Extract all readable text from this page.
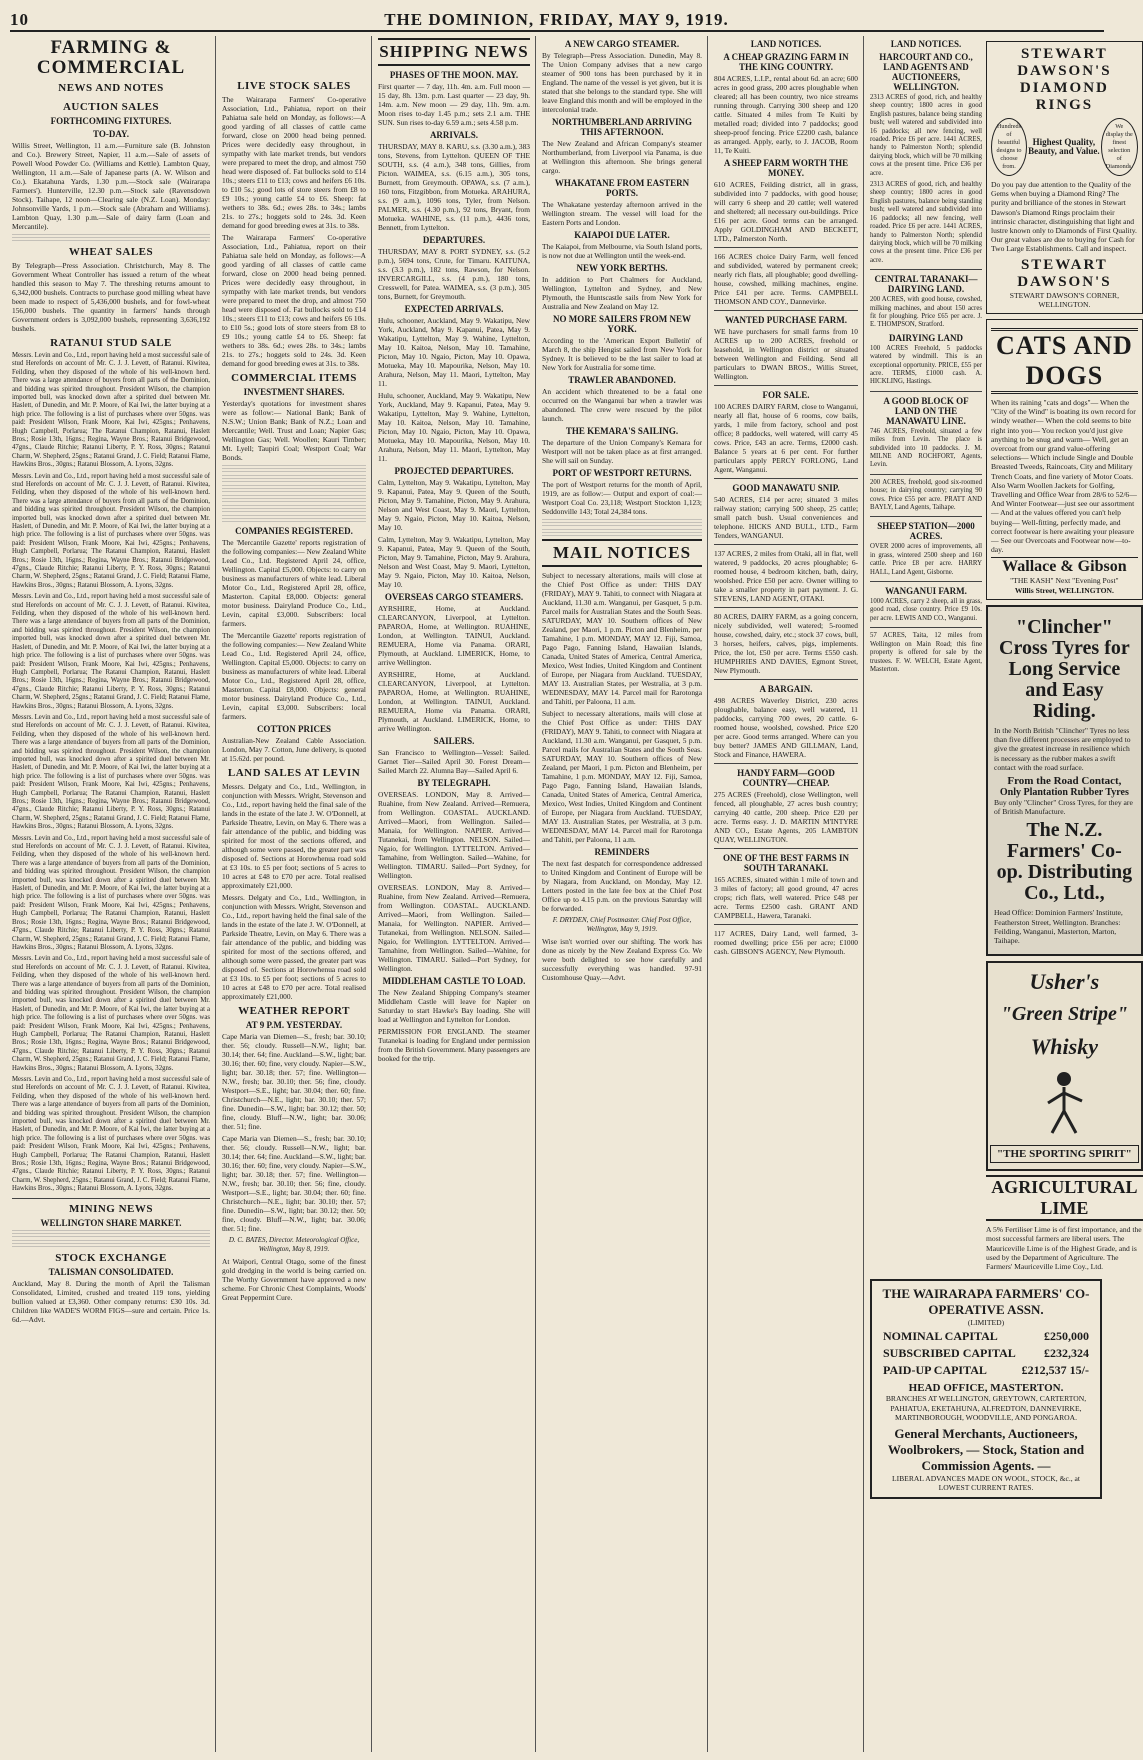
10	THE DOMINION, FRIDAY, MAY 9, 1919.
FARMING & COMMERCIAL
NEWS AND NOTES
AUCTION SALES
FORTHCOMING FIXTURES.
TO-DAY.

Willis Street, Wellington, 11 a.m.—Furniture sale (B. Johnston and Co.). Brewery Street, Napier, 11 a.m.—Sale of assets of Powell Wood Powder Co. (Williams and Kettle). Lambton Quay, Wellington, 11 a.m.—Sale of Japanese parts (A. W. Wilson and Co.). Ekatahuna Yards, 1.30 p.m.—Stock sale (Wairarapa Farmers'). Hunterville, 12.30 p.m.—Stock sale (Ravensdown Stock). Taihape, 12 noon—Clearing sale (N.Z. Loan). Monday: Johnsonville Yards, 1 p.m.—Stock sale (Abraham and Williams). Lambton Quay, 1.30 p.m.—Sale of dairy farm (Loan and Mercantile).

WHEAT SALES

By Telegraph—Press Association. Christchurch, May 8. The Government Wheat Controller has issued a return of the wheat handled this season to May 7. The threshing returns amount to 6,342,000 bushels. Contracts to purchase good milling wheat have been made to respect of 5,436,000 bushels, and for fowl-wheat 156,000 bushels. The quantity in farmers' hands through Government orders is 3,092,000 bushels, representing 3,636,192 bushels.

RATANUI STUD SALE

Messrs. Levin and Co., Ltd., report having held a most successful sale of stud Herefords on account of Mr. C. J. J. Levett, of Ratanui. Kiwitea, Feilding, when they disposed of the whole of his well-known herd. There was a large attendance of buyers from all parts of the Dominion, and bidding was spirited throughout. President Wilson, the champion imported bull, was knocked down after a spirited duel between Mr. Haslett, of Dunedin, and Mr. P. Moore, of Kai Iwi, the latter buying at a high price. The following is a list of purchases where over 50gns. was paid: President Wilson, Frank Moore, Kai Iwi, 425gns.; Penhavens, Hugh Campbell, Porlarua; The Ratanui Champion, Ratanui, Haslett Bros.; Rosie 13th, 16gns.; Regina, Wayne Bros.; Ratanui Bridgewood, 47gns., Claude Ritchie; Ratanui Liberty, P. Y. Ross, 30gns.; Ratanui Charm, W. Shepherd, 25gns.; Ratanui Grand, J. C. Field; Ratanui Flame, Hawkins Bros., 30gns.; Ratanui Blossom, A. Lyons, 32gns.

Messrs. Levin and Co., Ltd., report having held a most successful sale of stud Herefords on account of Mr. C. J. J. Levett, of Ratanui. Kiwitea, Feilding, when they disposed of the whole of his well-known herd. There was a large attendance of buyers from all parts of the Dominion, and bidding was spirited throughout. President Wilson, the champion imported bull, was knocked down after a spirited duel between Mr. Haslett, of Dunedin, and Mr. P. Moore, of Kai Iwi, the latter buying at a high price. The following is a list of purchases where over 50gns. was paid: President Wilson, Frank Moore, Kai Iwi, 425gns.; Penhavens, Hugh Campbell, Porlarua; The Ratanui Champion, Ratanui, Haslett Bros.; Rosie 13th, 16gns.; Regina, Wayne Bros.; Ratanui Bridgewood, 47gns., Claude Ritchie; Ratanui Liberty, P. Y. Ross, 30gns.; Ratanui Charm, W. Shepherd, 25gns.; Ratanui Grand, J. C. Field; Ratanui Flame, Hawkins Bros., 30gns.; Ratanui Blossom, A. Lyons, 32gns.

Messrs. Levin and Co., Ltd., report having held a most successful sale of stud Herefords on account of Mr. C. J. J. Levett, of Ratanui. Kiwitea, Feilding, when they disposed of the whole of his well-known herd. There was a large attendance of buyers from all parts of the Dominion, and bidding was spirited throughout. President Wilson, the champion imported bull, was knocked down after a spirited duel between Mr. Haslett, of Dunedin, and Mr. P. Moore, of Kai Iwi, the latter buying at a high price. The following is a list of purchases where over 50gns. was paid: President Wilson, Frank Moore, Kai Iwi, 425gns.; Penhavens, Hugh Campbell, Porlarua; The Ratanui Champion, Ratanui, Haslett Bros.; Rosie 13th, 16gns.; Regina, Wayne Bros.; Ratanui Bridgewood, 47gns., Claude Ritchie; Ratanui Liberty, P. Y. Ross, 30gns.; Ratanui Charm, W. Shepherd, 25gns.; Ratanui Grand, J. C. Field; Ratanui Flame, Hawkins Bros., 30gns.; Ratanui Blossom, A. Lyons, 32gns.

Messrs. Levin and Co., Ltd., report having held a most successful sale of stud Herefords on account of Mr. C. J. J. Levett, of Ratanui. Kiwitea, Feilding, when they disposed of the whole of his well-known herd. There was a large attendance of buyers from all parts of the Dominion, and bidding was spirited throughout. President Wilson, the champion imported bull, was knocked down after a spirited duel between Mr. Haslett, of Dunedin, and Mr. P. Moore, of Kai Iwi, the latter buying at a high price. The following is a list of purchases where over 50gns. was paid: President Wilson, Frank Moore, Kai Iwi, 425gns.; Penhavens, Hugh Campbell, Porlarua; The Ratanui Champion, Ratanui, Haslett Bros.; Rosie 13th, 16gns.; Regina, Wayne Bros.; Ratanui Bridgewood, 47gns., Claude Ritchie; Ratanui Liberty, P. Y. Ross, 30gns.; Ratanui Charm, W. Shepherd, 25gns.; Ratanui Grand, J. C. Field; Ratanui Flame, Hawkins Bros., 30gns.; Ratanui Blossom, A. Lyons, 32gns.

Messrs. Levin and Co., Ltd., report having held a most successful sale of stud Herefords on account of Mr. C. J. J. Levett, of Ratanui. Kiwitea, Feilding, when they disposed of the whole of his well-known herd. There was a large attendance of buyers from all parts of the Dominion, and bidding was spirited throughout. President Wilson, the champion imported bull, was knocked down after a spirited duel between Mr. Haslett, of Dunedin, and Mr. P. Moore, of Kai Iwi, the latter buying at a high price. The following is a list of purchases where over 50gns. was paid: President Wilson, Frank Moore, Kai Iwi, 425gns.; Penhavens, Hugh Campbell, Porlarua; The Ratanui Champion, Ratanui, Haslett Bros.; Rosie 13th, 16gns.; Regina, Wayne Bros.; Ratanui Bridgewood, 47gns., Claude Ritchie; Ratanui Liberty, P. Y. Ross, 30gns.; Ratanui Charm, W. Shepherd, 25gns.; Ratanui Grand, J. C. Field; Ratanui Flame, Hawkins Bros., 30gns.; Ratanui Blossom, A. Lyons, 32gns.

Messrs. Levin and Co., Ltd., report having held a most successful sale of stud Herefords on account of Mr. C. J. J. Levett, of Ratanui. Kiwitea, Feilding, when they disposed of the whole of his well-known herd. There was a large attendance of buyers from all parts of the Dominion, and bidding was spirited throughout. President Wilson, the champion imported bull, was knocked down after a spirited duel between Mr. Haslett, of Dunedin, and Mr. P. Moore, of Kai Iwi, the latter buying at a high price. The following is a list of purchases where over 50gns. was paid: President Wilson, Frank Moore, Kai Iwi, 425gns.; Penhavens, Hugh Campbell, Porlarua; The Ratanui Champion, Ratanui, Haslett Bros.; Rosie 13th, 16gns.; Regina, Wayne Bros.; Ratanui Bridgewood, 47gns., Claude Ritchie; Ratanui Liberty, P. Y. Ross, 30gns.; Ratanui Charm, W. Shepherd, 25gns.; Ratanui Grand, J. C. Field; Ratanui Flame, Hawkins Bros., 30gns.; Ratanui Blossom, A. Lyons, 32gns.

Messrs. Levin and Co., Ltd., report having held a most successful sale of stud Herefords on account of Mr. C. J. J. Levett, of Ratanui. Kiwitea, Feilding, when they disposed of the whole of his well-known herd. There was a large attendance of buyers from all parts of the Dominion, and bidding was spirited throughout. President Wilson, the champion imported bull, was knocked down after a spirited duel between Mr. Haslett, of Dunedin, and Mr. P. Moore, of Kai Iwi, the latter buying at a high price. The following is a list of purchases where over 50gns. was paid: President Wilson, Frank Moore, Kai Iwi, 425gns.; Penhavens, Hugh Campbell, Porlarua; The Ratanui Champion, Ratanui, Haslett Bros.; Rosie 13th, 16gns.; Regina, Wayne Bros.; Ratanui Bridgewood, 47gns., Claude Ritchie; Ratanui Liberty, P. Y. Ross, 30gns.; Ratanui Charm, W. Shepherd, 25gns.; Ratanui Grand, J. C. Field; Ratanui Flame, Hawkins Bros., 30gns.; Ratanui Blossom, A. Lyons, 32gns.

MINING NEWS
WELLINGTON SHARE MARKET.
STOCK EXCHANGE
TALISMAN CONSOLIDATED.

Auckland, May 8. During the month of April the Talisman Consolidated, Limited, crushed and treated 119 tons, yielding bullion valued at £3,360. Other company returns: £30 10s. 3d. Children like WADE'S WORM FIGS—sure and certain. Price 1s. 6d.—Advt.

LIVE STOCK SALES

The Wairarapa Farmers' Co-operative Association, Ltd., Pahiatua, report on their Pahiatua sale held on Monday, as follows:—A good yarding of all classes of cattle came forward, close on 2000 head being penned. Prices were decidedly easy throughout, in sympathy with late market trends, but vendors were prepared to meet the drop, and almost 750 head were disposed of. Fat bullocks sold to £14 10s.; steers £11 to £13; cows and heifers £6 10s. to £10 5s.; good lots of store steers from £8 to £9 10s.; young cattle £4 to £6. Sheep: fat wethers to 38s. 6d.; ewes 28s. to 34s.; lambs 21s. to 27s.; hoggets sold to 24s. 3d. Keen demand for good breeding ewes at 31s. to 38s.

The Wairarapa Farmers' Co-operative Association, Ltd., Pahiatua, report on their Pahiatua sale held on Monday, as follows:—A good yarding of all classes of cattle came forward, close on 2000 head being penned. Prices were decidedly easy throughout, in sympathy with late market trends, but vendors were prepared to meet the drop, and almost 750 head were disposed of. Fat bullocks sold to £14 10s.; steers £11 to £13; cows and heifers £6 10s. to £10 5s.; good lots of store steers from £8 to £9 10s.; young cattle £4 to £6. Sheep: fat wethers to 38s. 6d.; ewes 28s. to 34s.; lambs 21s. to 27s.; hoggets sold to 24s. 3d. Keen demand for good breeding ewes at 31s. to 38s.

COMMERCIAL ITEMS
INVESTMENT SHARES.

Yesterday's quotations for investment shares were as follow:— National Bank; Bank of N.S.W.; Union Bank; Bank of N.Z.; Loan and Mercantile; Well. Trust and Loan; Napier Gas; Wellington Gas; Well. Woollen; Kauri Timber; Mt. Lyell; Taupiri Coal; Westport Coal; War Bonds.

COMPANIES REGISTERED.

The 'Mercantile Gazette' reports registration of the following companies:— New Zealand White Lead Co., Ltd. Registered April 24, office, Wellington. Capital £5,000. Objects: to carry on business as manufacturers of white lead. Liberal Motor Co., Ltd., Registered April 28, office, Masterton. Capital £8,000. Objects: general motor business. Dairyland Produce Co., Ltd., Levin, capital £3,000. Subscribers: local farmers.

The 'Mercantile Gazette' reports registration of the following companies:— New Zealand White Lead Co., Ltd. Registered April 24, office, Wellington. Capital £5,000. Objects: to carry on business as manufacturers of white lead. Liberal Motor Co., Ltd., Registered April 28, office, Masterton. Capital £8,000. Objects: general motor business. Dairyland Produce Co., Ltd., Levin, capital £3,000. Subscribers: local farmers.

COTTON PRICES

Australian-New Zealand Cable Association. London, May 7. Cotton, June delivery, is quoted at 15.62d. per pound.

LAND SALES AT LEVIN

Messrs. Delgaty and Co., Ltd., Wellington, in conjunction with Messrs. Wright, Stevenson and Co., Ltd., report having held the final sale of the lands in the estate of the late J. W. O'Donnell, at Parkside Theatre, Levin, on May 6. There was a fair attendance of the public, and bidding was spirited for most of the sections offered, and although some were passed, the greater part was disposed of. Sections at Horowhenua road sold at £3 10s. to £5 per foot; sections of 5 acres to 10 acres at £48 to £70 per acre. Total realised approximately £21,000.

Messrs. Delgaty and Co., Ltd., Wellington, in conjunction with Messrs. Wright, Stevenson and Co., Ltd., report having held the final sale of the lands in the estate of the late J. W. O'Donnell, at Parkside Theatre, Levin, on May 6. There was a fair attendance of the public, and bidding was spirited for most of the sections offered, and although some were passed, the greater part was disposed of. Sections at Horowhenua road sold at £3 10s. to £5 per foot; sections of 5 acres to 10 acres at £48 to £70 per acre. Total realised approximately £21,000.

WEATHER REPORT
AT 9 P.M. YESTERDAY.

Cape Maria van Diemen—S., fresh; bar. 30.10; ther. 56; cloudy. Russell—N.W., light; bar. 30.14; ther. 64; fine. Auckland—S.W., light; bar. 30.16; ther. 60; fine, very cloudy. Napier—S.W., light; bar. 30.18; ther. 57; fine. Wellington—N.W., fresh; bar. 30.10; ther. 56; fine, cloudy. Westport—S.E., light; bar. 30.04; ther. 60; fine. Christchurch—N.E., light; bar. 30.10; ther. 57; fine. Dunedin—S.W., light; bar. 30.12; ther. 50; fine, cloudy. Bluff—N.W., light; bar. 30.06; ther. 51; fine.

Cape Maria van Diemen—S., fresh; bar. 30.10; ther. 56; cloudy. Russell—N.W., light; bar. 30.14; ther. 64; fine. Auckland—S.W., light; bar. 30.16; ther. 60; fine, very cloudy. Napier—S.W., light; bar. 30.18; ther. 57; fine. Wellington—N.W., fresh; bar. 30.10; ther. 56; fine, cloudy. Westport—S.E., light; bar. 30.04; ther. 60; fine. Christchurch—N.E., light; bar. 30.10; ther. 57; fine. Dunedin—S.W., light; bar. 30.12; ther. 50; fine, cloudy. Bluff—N.W., light; bar. 30.06; ther. 51; fine.

D. C. BATES, Director. Meteorological Office, Wellington, May 8, 1919.

At Waipori, Central Otago, some of the finest gold dredging in the world is being carried on. The Worthy Government have approved a new scheme. For Chronic Chest Complaints, Woods' Great Peppermint Cure.

SHIPPING NEWS
PHASES OF THE MOON. MAY.

First quarter — 7 day, 11h. 4m. a.m. Full moon — 15 day, 8h. 13m. p.m. Last quarter — 23 day, 9h. 14m. a.m. New moon — 29 day, 11h. 9m. a.m. Moon rises to-day 1.45 p.m.; sets 2.1 a.m. THE SUN. Sun rises to-day 6.59 a.m.; sets 4.58 p.m.

ARRIVALS.

THURSDAY, MAY 8. KARU, s.s. (3.30 a.m.), 383 tons, Stevens, from Lyttelton. QUEEN OF THE SOUTH, s.s. (4 a.m.), 348 tons, Gillies, from Picton. WAIMEA, s.s. (6.15 a.m.), 305 tons, Burnett, from Greymouth. OPAWA, s.s. (7 a.m.), 160 tons, Fitzgibbon, from Motueka. ARAHURA, s.s. (9 a.m.), 1096 tons, Tyler, from Nelson. PALMER, s.s. (4.30 p.m.), 92 tons, Bryant, from Motueka. WAHINE, s.s. (11 p.m.), 4436 tons, Bennett, from Lyttelton.

DEPARTURES.

THURSDAY, MAY 8. PORT SYDNEY, s.s. (5.2 p.m.), 5694 tons, Crute, for Timaru. KAITUNA, s.s. (3.3 p.m.), 182 tons, Rawson, for Nelson. INVERCARGILL, s.s. (4 p.m.), 180 tons, Cresswell, for Patea. WAIMEA, s.s. (3 p.m.), 305 tons, Burnett, for Greymouth.

EXPECTED ARRIVALS.

Hulu, schooner, Auckland, May 9. Wakatipu, New York, Auckland, May 9. Kapanui, Patea, May 9. Wakatipu, Lyttelton, May 9. Wahine, Lyttelton, May 10. Kaitoa, Nelson, May 10. Tamahine, Picton, May 10. Ngaio, Picton, May 10. Opawa, Motueka, May 10. Mapourika, Nelson, May 10. Arahura, Nelson, May 11. Maori, Lyttelton, May 11.

Hulu, schooner, Auckland, May 9. Wakatipu, New York, Auckland, May 9. Kapanui, Patea, May 9. Wakatipu, Lyttelton, May 9. Wahine, Lyttelton, May 10. Kaitoa, Nelson, May 10. Tamahine, Picton, May 10. Ngaio, Picton, May 10. Opawa, Motueka, May 10. Mapourika, Nelson, May 10. Arahura, Nelson, May 11. Maori, Lyttelton, May 11.

PROJECTED DEPARTURES.

Calm, Lyttelton, May 9. Wakatipu, Lyttelton, May 9. Kapanui, Patea, May 9. Queen of the South, Picton, May 9. Tamahine, Picton, May 9. Arahura, Nelson and West Coast, May 9. Maori, Lyttelton, May 9. Ngaio, Picton, May 10. Kaitoa, Nelson, May 10.

Calm, Lyttelton, May 9. Wakatipu, Lyttelton, May 9. Kapanui, Patea, May 9. Queen of the South, Picton, May 9. Tamahine, Picton, May 9. Arahura, Nelson and West Coast, May 9. Maori, Lyttelton, May 9. Ngaio, Picton, May 10. Kaitoa, Nelson, May 10.

OVERSEAS CARGO STEAMERS.

AYRSHIRE, Home, at Auckland. CLEARCANYON, Liverpool, at Lyttelton. PAPAROA, Home, at Wellington. RUAHINE, London, at Wellington. TAINUI, Auckland. REMUERA, Home via Panama. ORARI, Plymouth, at Auckland. LIMERICK, Home, to arrive Wellington.

AYRSHIRE, Home, at Auckland. CLEARCANYON, Liverpool, at Lyttelton. PAPAROA, Home, at Wellington. RUAHINE, London, at Wellington. TAINUI, Auckland. REMUERA, Home via Panama. ORARI, Plymouth, at Auckland. LIMERICK, Home, to arrive Wellington.

SAILERS.

San Francisco to Wellington—Vessel: Sailed. Garnet Tier—Sailed April 30. Forest Dream—Sailed March 22. Alumna Bay—Sailed April 6.

BY TELEGRAPH.

OVERSEAS. LONDON, May 8. Arrived—Ruahine, from New Zealand. Arrived—Remuera, from Wellington. COASTAL. AUCKLAND. Arrived—Maori, from Wellington. Sailed—Manaia, for Wellington. NAPIER. Arrived—Tutanekai, from Wellington. NELSON. Sailed—Ngaio, for Wellington. LYTTELTON. Arrived—Tamahine, from Wellington. Sailed—Wahine, for Wellington. TIMARU. Sailed—Port Sydney, for Wellington.

OVERSEAS. LONDON, May 8. Arrived—Ruahine, from New Zealand. Arrived—Remuera, from Wellington. COASTAL. AUCKLAND. Arrived—Maori, from Wellington. Sailed—Manaia, for Wellington. NAPIER. Arrived—Tutanekai, from Wellington. NELSON. Sailed—Ngaio, for Wellington. LYTTELTON. Arrived—Tamahine, from Wellington. Sailed—Wahine, for Wellington. TIMARU. Sailed—Port Sydney, for Wellington.

MIDDLEHAM CASTLE TO LOAD.

The New Zealand Shipping Company's steamer Middleham Castle will leave for Napier on Saturday to start Hawke's Bay loading. She will load at Wellington and Lyttelton for London.

PERMISSION FOR ENGLAND. The steamer Tutanekai is loading for England under permission from the British Government. Many passengers are booked for the trip.

A NEW CARGO STEAMER.

By Telegraph—Press Association. Dunedin, May 8. The Union Company advises that a new cargo steamer of 900 tons has been purchased by it in England. The name of the vessel is yet given, but it is stated that she belongs to the standard type. She will leave England this month and will be employed in the intercolonial trade.

NORTHUMBERLAND ARRIVING THIS AFTERNOON.

The New Zealand and African Company's steamer Northumberland, from Liverpool via Panama, is due at Wellington this afternoon. She brings general cargo.

WHAKATANE FROM EASTERN PORTS.

The Whakatane yesterday afternoon arrived in the Wellington stream. The vessel will load for the Eastern Ports and London.

KAIAPOI DUE LATER.

The Kaiapoi, from Melbourne, via South Island ports, is now not due at Wellington until the week-end.

NEW YORK BERTHS.

In addition to Port Chalmers for Auckland, Wellington, Lyttelton and Sydney, and New Plymouth, the Huntscastle sails from New York for Australia and New Zealand on May 12.

NO MORE SAILERS FROM NEW YORK.

According to the 'American Export Bulletin' of March 8, the ship Hengist sailed from New York for Sydney. It is believed to be the last sailer to load at New York for Australia for some time.

TRAWLER ABANDONED.

An accident which threatened to be a fatal one occurred on the Wanganui bar when a trawler was abandoned. The crew were rescued by the pilot launch.

THE KEMARA'S SAILING.

The departure of the Union Company's Kemara for Westport will not be taken place as at first arranged. She will sail on Sunday.

PORT OF WESTPORT RETURNS.

The port of Westport returns for the month of April, 1919, are as follow:— Output and export of coal:— Westport Coal Co. 23,118; Westport Stockton 1,123; Seddonville 143; Total 24,384 tons.

MAIL NOTICES

Subject to necessary alterations, mails will close at the Chief Post Office as under: THIS DAY (FRIDAY), MAY 9. Tahiti, to connect with Niagara at Auckland, 11.30 a.m. Wanganui, per Gasquet, 5 p.m. Parcel mails for Australian States and the South Seas. SATURDAY, MAY 10. Southern offices of New Zealand, per Maori, 1 p.m. Picton and Blenheim, per Tamahine, 1 p.m. MONDAY, MAY 12. Fiji, Samoa, Pago Pago, Fanning Island, Hawaiian Islands, Canada, United States of America, Central America, Mexico, West Indies, United Kingdom and Continent of Europe, per Niagara from Auckland. TUESDAY, MAY 13. Australian States, per Westralia, at 3 p.m. WEDNESDAY, MAY 14. Parcel mail for Rarotonga and Tahiti, per Paloona, 11 a.m.

Subject to necessary alterations, mails will close at the Chief Post Office as under: THIS DAY (FRIDAY), MAY 9. Tahiti, to connect with Niagara at Auckland, 11.30 a.m. Wanganui, per Gasquet, 5 p.m. Parcel mails for Australian States and the South Seas. SATURDAY, MAY 10. Southern offices of New Zealand, per Maori, 1 p.m. Picton and Blenheim, per Tamahine, 1 p.m. MONDAY, MAY 12. Fiji, Samoa, Pago Pago, Fanning Island, Hawaiian Islands, Canada, United States of America, Central America, Mexico, West Indies, United Kingdom and Continent of Europe, per Niagara from Auckland. TUESDAY, MAY 13. Australian States, per Westralia, at 3 p.m. WEDNESDAY, MAY 14. Parcel mail for Rarotonga and Tahiti, per Paloona, 11 a.m.

REMINDERS

The next fast despatch for correspondence addressed to United Kingdom and Continent of Europe will be by Niagara, from Auckland, on Monday, May 12. Letters posted in the late fee box at the Chief Post Office up to 4.15 p.m. on the previous Saturday will be forwarded.

F. DRYDEN, Chief Postmaster. Chief Post Office, Wellington, May 9, 1919.

Wise isn't worried over our shifting. The work has done as nicely by the New Zealand Express Co. We were both delighted to see how carefully and successfully everything was handled. 97-91 Customhouse Quay.—Advt.

LAND NOTICES.
A CHEAP GRAZING FARM IN THE KING COUNTRY.

804 ACRES, L.I.P., rental about 6d. an acre; 600 acres in good grass, 200 acres ploughable when cleared; all has been country, two nice streams running through. Carrying 300 sheep and 120 cattle. Situated 4 miles from Te Kuiti by metalled road; divided into 7 paddocks; good sheep-proof fencing. Price £2200 cash, balance as arranged. Apply, early, to J. JACOB, Room 11, Te Kuiti.

A SHEEP FARM WORTH THE MONEY.

610 ACRES, Feilding district, all in grass, subdivided into 7 paddocks, with good house; will carry 6 sheep and 20 cattle; well watered and sheltered; all necessary out-buildings. Price £16 per acre. Good terms can be arranged. Apply GOLDINGHAM AND BECKETT, LTD., Palmerston North.

166 ACRES choice Dairy Farm, well fenced and subdivided, watered by permanent creek; nearly rich flats, all ploughable; good dwelling-house, cowshed, milking machines, engine. Price £41 per acre. Terms. CAMPBELL THOMSON AND COY., Dannevirke.

WANTED PURCHASE FARM.

WE have purchasers for small farms from 10 ACRES up to 200 ACRES, freehold or leasehold, in Wellington district or situated between Wellington and Feilding. Send all particulars to DWAN BROS., Willis Street, Wellington.

FOR SALE.

100 ACRES DAIRY FARM, close to Wanganui, nearly all flat, house of 6 rooms, cow bails, yards, 1 mile from factory, school and post office; 8 paddocks, well watered, will carry 45 cows. Price, £43 an acre. Terms, £2000 cash. Balance 5 years at 6 per cent. For further particulars apply PERCY FORLONG, Land Agent, Wanganui.

GOOD MANAWATU SNIP.

540 ACRES, £14 per acre; situated 3 miles railway station; carrying 500 sheep, 25 cattle; small patch bush. Usual conveniences and telephone. HICKS AND BULL, LTD., Farm Tenders, WANGANUI.

137 ACRES, 2 miles from Otaki, all in flat, well watered, 9 paddocks, 20 acres ploughable; 6-roomed house, 4 bedroom kitchen, bath, dairy, woolshed. Price £50 per acre. Owner willing to take a smaller property in part payment. J. G. STEVENS, LAND AGENT, OTAKI.

80 ACRES, DAIRY FARM, as a going concern, nicely subdivided, well watered; 5-roomed house, cowshed, dairy, etc.; stock 37 cows, bull, 3 horses, heifers, calves, pigs, implements. Price, the lot, £50 per acre. Terms £550 cash. HUMPHRIES AND DAVIES, Egmont Street, New Plymouth.

A BARGAIN.

498 ACRES Waverley District, 230 acres ploughable, balance easy, well watered, 11 paddocks, carrying 700 ewes, 20 cattle. 6-roomed house, woolshed, cowshed. Price £20 per acre. Good terms arranged. Where can you buy better? JAMES AND GILLMAN, Land, Stock and Finance, HAWERA.

HANDY FARM—GOOD COUNTRY—CHEAP.

275 ACRES (Freehold), close Wellington, well fenced, all ploughable, 27 acres bush country; carrying 40 cattle, 200 sheep. Price £20 per acre. Terms easy. J. D. MARTIN M'INTYRE AND CO., Estate Agents, 205 LAMBTON QUAY, WELLINGTON.

ONE OF THE BEST FARMS IN SOUTH TARANAKI.

165 ACRES, situated within 1 mile of town and 3 miles of factory; all good ground, 47 acres crops; rich flats, well watered. Price £48 per acre. Terms £2500 cash. GRANT AND CAMPBELL, Hawera, Taranaki.

117 ACRES, Dairy Land, well farmed, 3-roomed dwelling; price £56 per acre; £1000 cash. GIBSON'S AGENCY, New Plymouth.

LAND NOTICES.
HARCOURT AND CO., LAND AGENTS AND AUCTIONEERS, WELLINGTON.

2313 ACRES of good, rich, and healthy sheep country; 1800 acres in good English pastures, balance being standing bush; well watered and subdivided into 16 paddocks; all new fencing, well roaded. Price £6 per acre. 1441 ACRES, handy to Palmerston North; splendid dairying block, which will be 70 milking cows at the present time. Price £36 per acre.

2313 ACRES of good, rich, and healthy sheep country; 1800 acres in good English pastures, balance being standing bush; well watered and subdivided into 16 paddocks; all new fencing, well roaded. Price £6 per acre. 1441 ACRES, handy to Palmerston North; splendid dairying block, which will be 70 milking cows at the present time. Price £36 per acre.

CENTRAL TARANAKI—DAIRYING LAND.

200 ACRES, with good house, cowshed, milking machines, and about 150 acres fit for ploughing. Price £65 per acre. J. E. THOMPSON, Stratford.

DAIRYING LAND

100 ACRES Freehold, 5 paddocks watered by windmill. This is an exceptional opportunity. PRICE, £55 per acre. TERMS, £1000 cash. A. HICKLING, Hastings.

A GOOD BLOCK OF LAND ON THE MANAWATU LINE.

746 ACRES, Freehold, situated a few miles from Levin. The place is subdivided into 10 paddocks. J. M. MILNE AND ROCHFORT, Agents, Levin.

200 ACRES, freehold, good six-roomed house; in dairying country; carrying 90 cows. Price £55 per acre. PRATT AND BAYLY, Land Agents, Taihape.

SHEEP STATION—2000 ACRES.

OVER 2000 acres of improvements, all in grass, wintered 2500 sheep and 160 cattle. Price £8 per acre. HARRY HALL, Land Agent, Gisborne.

WANGANUI FARM.

1000 ACRES, carry 2 sheep, all in grass, good road, close country. Price £9 10s. per acre. LEWIS AND CO., Wanganui.

57 ACRES, Taita, 12 miles from Wellington on Main Road; this fine property is offered for sale by the trustees. F. W. WELCH, Estate Agent, Masterton.

STEWART DAWSON'S
DIAMOND RINGS
Hundreds of beautiful designs to choose from.
Highest Quality, Beauty, and Value.
We display the finest selection of Diamonds.

Do you pay due attention to the Quality of the Gems when buying a Diamond Ring? The purity and brilliance of the stones in Stewart Dawson's Diamond Rings proclaim their intrinsic character, distinguishing that light and lustre known only to Diamonds of First Quality. Our great values are due to buying for Cash for Two Large Establishments. Call and inspect.

STEWART DAWSON'S
STEWART DAWSON'S CORNER, WELLINGTON.
CATS AND DOGS

When its raining "cats and dogs"— When the "City of the Wind" is boating its own record for windy weather— When the cold seems to bite right into you— You reckon you'd just give anything to be snug and warm— Well, get an overcoat from our grand value-offering selections— Which include Single and Double Breasted Tweeds, Raincoats, City and Military Trench Coats, and fine variety of Motor Coats. Also Warm Woollen Jackets for Golfing, Travelling and Office Wear from 28/6 to 52/6— And Winter Footwear—just see our assortment— And at the values offered you can't help buying— Well-fitting, perfectly made, and correct footwear is here awaiting your pleasure— See our Overcoats and Footwear now—to-day.

Wallace & Gibson
"THE KASH" Next "Evening Post"
Willis Street, WELLINGTON.
"Clincher" Cross Tyres for Long Service and Easy Riding.

In the North British "Clincher" Tyres no less than five different processes are employed to give the greatest increase in resilience which is necessary as the rubber makes a swift contact with the road surface.

From the Road Contact,
Only Plantation Rubber Tyres

Buy only "Clincher" Cross Tyres, for they are of British Manufacture.

The N.Z. Farmers' Co-op. Distributing Co., Ltd.,

Head Office: Dominion Farmers' Institute, Featherston Street, Wellington. Branches: Feilding, Wanganui, Masterton, Marton, Taihape.

Usher's
"Green Stripe"
Whisky
"THE SPORTING SPIRIT"
AGRICULTURAL LIME

A 5% Fertiliser Lime is of first importance, and the most successful farmers are liberal users. The Mauriceville Lime is of the Highest Grade, and is used by the Department of Agriculture. The Farmers' Mauriceville Lime Coy., Ltd.

THE WAIRARAPA FARMERS' CO-OPERATIVE ASSN.
(LIMITED)
NOMINAL CAPITAL	£250,000
SUBSCRIBED CAPITAL £232,324
PAID-UP CAPITAL	£212,537 15/-
HEAD OFFICE, MASTERTON.
BRANCHES AT WELLINGTON, GREYTOWN, CARTERTON, PAHIATUA, EKETAHUNA, ALFREDTON, DANNEVIRKE, MARTINBOROUGH, WOODVILLE, AND PONGAROA.
General Merchants, Auctioneers, Woolbrokers, — Stock, Station and Commission Agents. —
LIBERAL ADVANCES MADE ON WOOL, STOCK, &c., at LOWEST CURRENT RATES.
